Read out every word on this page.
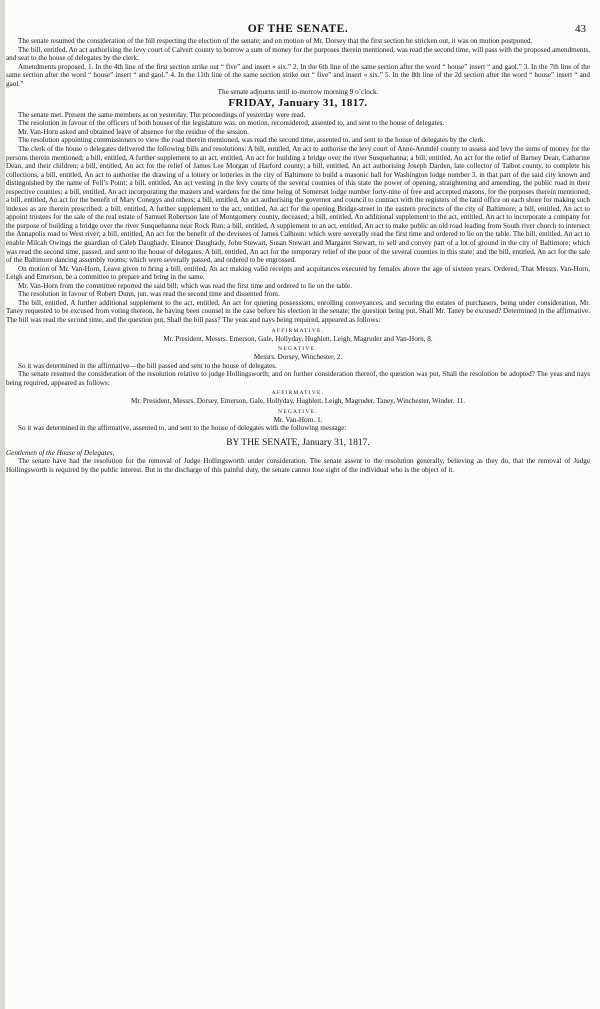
OF THE SENATE.	43

The senate resumed the consideration of the bill respecting the election of the senate; and on motion of Mr. Dorsey that the first section be stricken out, it was on motion postponed.

The bill, entitled, An act authorising the levy court of Calvert county to borrow a sum of money for the purposes therein mentioned, was read the second time, will pass with the proposed amendments, and seat to the house of delegates by the clerk.

Amendments proposed. 1. In the 4th line of the first section strike out “ five” and insert « six.” 2. In the 6th line of the same section after the word “ house” insert “ and gaol.” 3. In the 7th line of the same section after the word “ house” insert “ and gaol.” 4. In the 11th line of the same section strike out “ five” and insert « six.” 5. In the 8th line of the 2d section after the word “ house” insert “ and gaol.”

The senate adjourns until to-morrow morning 9 o’clock.

FRIDAY, January 31, 1817.

The senate met. Present the same members as on yesterday. The proceedings of yesterday were read.

The resolution in favour of the officers of both houses of the legislature was, on motion, reconsidered, assented to, and sent to the house of delegates.

Mr. Van-Horn asked and obtained leave of absence for the residue of the session.

The resolution appointing commissioners to view the road therein mentioned, was read the second time, assented to, and sent to the house of delegates by the clerk.

The clerk of the house o delegates delivered the following bills and resolutions: A bill, entitled, An act to authorise the levy court of Anne-Arundel county to assess and levy the sums of money for the persons therein mentioned; a bill, entitled, A further supplement to an act, entitled, An act for building a bridge over the river Susquehanna; a bill, entitled, An act for the relief of Barney Dean, Catharine Dean, and their children; a bill, entitled, An act for the relief of James Lee Morgan of Harford county; a bill, entitled, An act authorising Joseph Darden, late collector of Talbot county, to complete his collections, a bill, entitled, An act to authorise the drawing of a lottery or lotteries in the city of Baltimore to build a masonic hall for Washington lodge number 3, in that part of the said city known and distinguished by the name of Fell’s Point; a bill, entitled, An act vesting in the levy courts of the several counties of this state the power of opening, straightening and amending, the public road in their respective counties; a bill, entitled, An act incorporating the masters and wardens for the time being of Somerset lodge number forty-nine of free and accepted masons, for the purposes therein mentioned; a bill, entitled, An act for the benefit of Mary Conegys and others; a bill, entitled, An act authorising the governor and council to contract with the registers of the land office on each shore for making such indexes as are therein prescribed; a bill, entitled, A further supplement to the act, entitled, An act for the opening Bridge-street in the eastern precincts of the city of Baltimore; a bill, entitled, An act to appoint trustees for the sale of the real estate of Samuel Robertson late of Montgomery county, deceased; a bill, entitled, An additional supplement to the act, entitled, An act to incorporate a company for the purpose of building a bridge over the river Susquehanna near Rock Run; a bill, entitled, A supplement to an act, entitled, An act to make public an old road leading from South river church to intersect the Annapolis road to West river; a bill, entitled, An act for the benefit of the devisees of James Calhoun: which were severally read the first time and ordered to lie on the table. The bill, entitled, An act to enable Milcah Owings the guardian of Caleb Daughady, Eleanor Daughady, John Stewart, Susan Stewart and Margaret Stewart, to sell and convey part of a lot of ground in the city of Baltimore; which was read the second time, passed, and sent to the house of delegates. A bill, entitled, An act for the temporary relief of the poor of the several counties in this state; and the bill, entitled, An act for the sale of the Baltimore dancing assembly rooms; which were severally passed, and ordered to be engrossed.

On motion of Mr. Van-Horn, Leave given to bring a bill, entitled, An act making valid receipts and acquitances executed by females above the age of sixteen years. Ordered, That Messrs. Van-Horn, Leigh and Emerson, be a committee to prepare and bring in the same.

Mr. Van-Horn from the committee reported the said bill; which was read the first time and ordered to lie on the table.

The resolution in favour of Robert Dunn, jun. was read the second time and dissented from.

The bill, entitled, A further additional supplement to the act, entitled, An act for quieting possessions, enrolling conveyances, and securing the estates of purchasers, being under consideration, Mr. Taney requested to be excused from voting thereon, he having been counsel in the case before his election in the senate; the question being put, Shall Mr. Taney be excused? Determined in the affirmative. The bill was read the second time, and the question put, Shall the bill pass? The yeas and nays being required, appeared as follows:

AFFIRMATIVE.

Mr. President, Messrs. Emerson, Gale, Hollyday, Hughlett, Leigh, Magruder and Van-Horn, 8.

NEGATIVE.

Messrs. Dorsey, Winchester, 2.

So it was determined in the affirmative—the bill passed and sent to the house of delegates.

The senate resumed the consideration of the resolution relative to judge Hollingsworth; and on further consideration thereof, the question was put, Shall the resolution be adopted? The yeas and nays being required, appeared as follows:

AFFIRMATIVE.

Mr. President, Messrs. Dorsey, Emerson, Gale, Hollyday, Hughlett, Leigh, Magruder, Taney, Winchester, Winder. 11.

NEGATIVE.

Mr. Van-Horn. 1.

So it was determined in the affirmative, assented to, and sent to the house of delegates with the following message:

BY THE SENATE, January 31, 1817.

Gentlemen of the House of Delegates,

The senate have had the resolution for the removal of Judge Hollingsworth under consideration. The senate assent to the resolution generally, believing as they do, that the removal of Judge Hollingsworth is required by the public interest. But in the discharge of this painful duty, the senate cannot lose sight of the individual who is the object of it.
